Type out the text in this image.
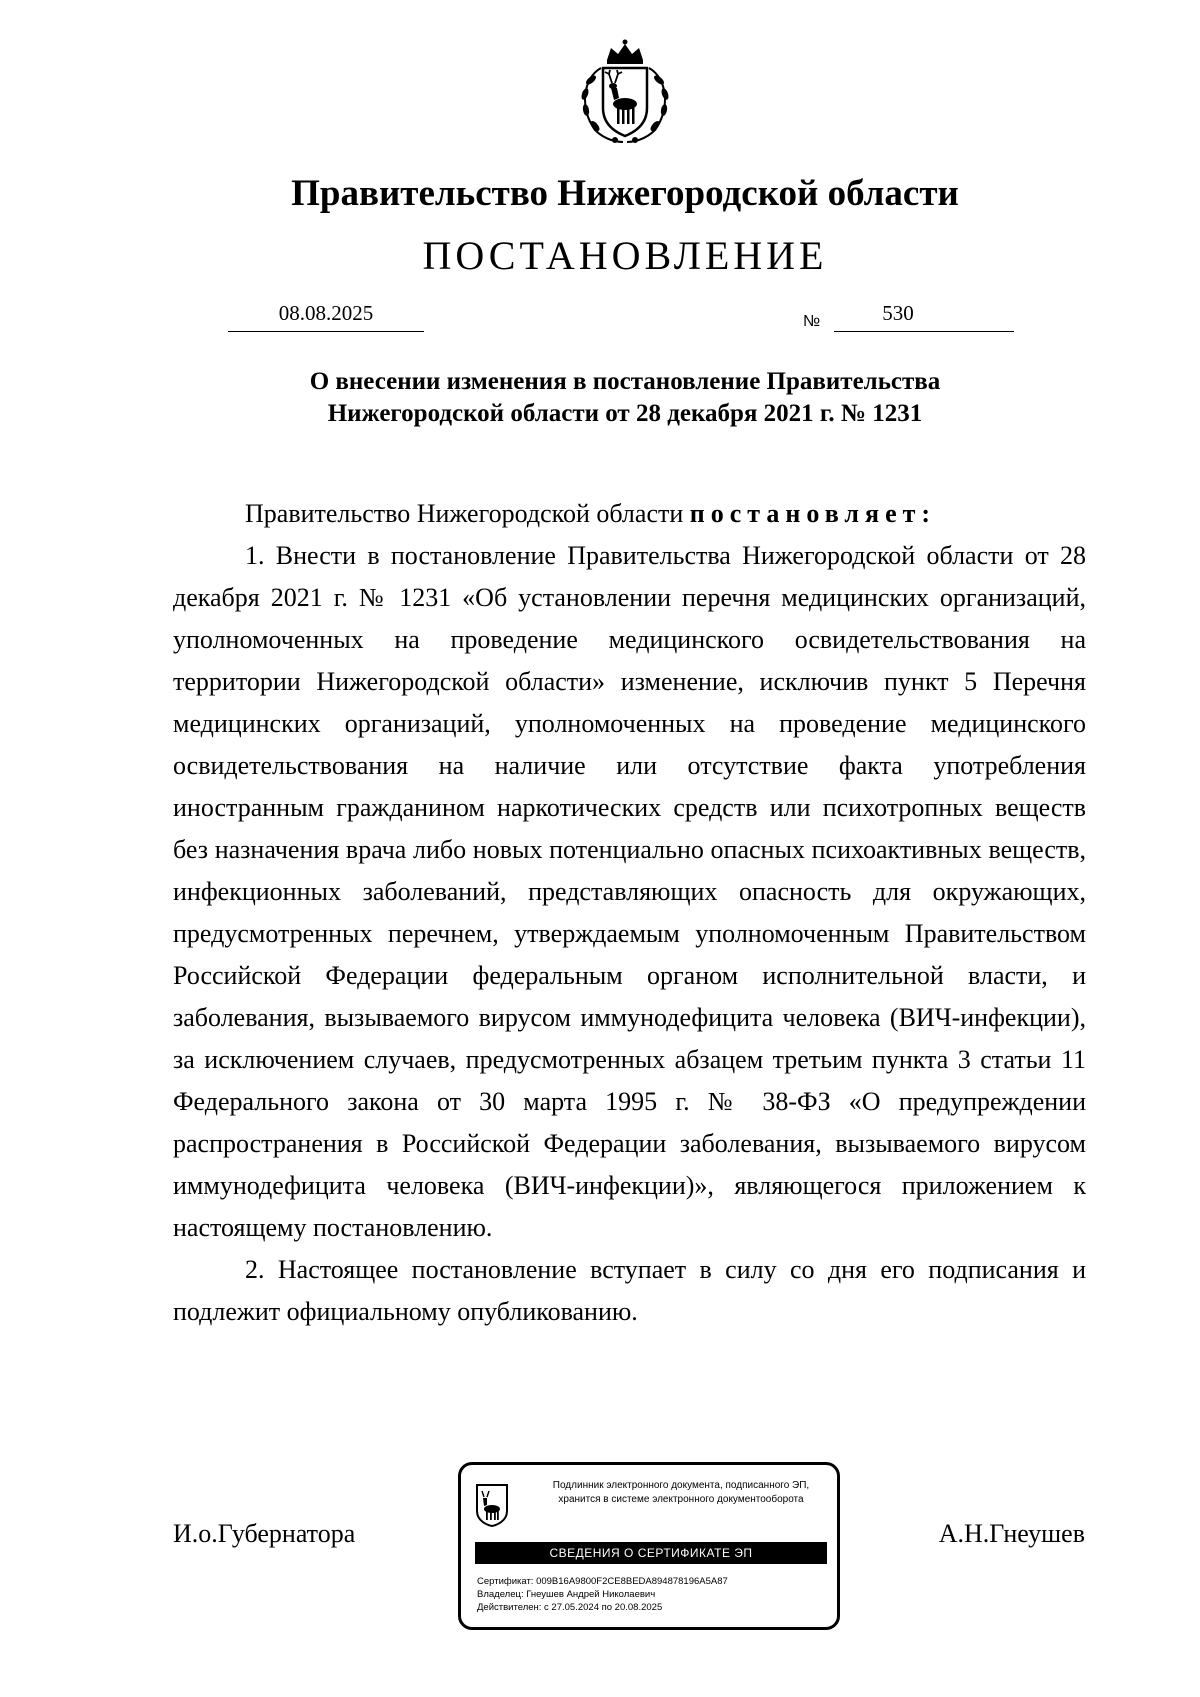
Правительство Нижегородской области
ПОСТАНОВЛЕНИЕ
08.08.2025	№	530
О внесении изменения в постановление Правительства
Нижегородской области от 28 декабря 2021 г. № 1231

Правительство Нижегородской области постановляет:

1. Внести в постановление Правительства Нижегородской области от 28 декабря 2021 г. № 1231 «Об установлении перечня медицинских организаций, уполномоченных на проведение медицинского освидетельствования на территории Нижегородской области» изменение, исключив пункт 5 Перечня медицинских организаций, уполномоченных на проведение медицинского освидетельствования на наличие или отсутствие факта употребления иностранным гражданином наркотических средств или психотропных веществ без назначения врача либо новых потенциально опасных психоактивных веществ, инфекционных заболеваний, представляющих опасность для окружающих, предусмотренных перечнем, утверждаемым уполномоченным Правительством Российской Федерации федеральным органом исполнительной власти, и заболевания, вызываемого вирусом иммунодефицита человека (ВИЧ-инфекции), за исключением случаев, предусмотренных абзацем третьим пункта 3 статьи 11 Федерального закона от 30 марта 1995 г. № 38-ФЗ «О предупреждении распространения в Российской Федерации заболевания, вызываемого вирусом иммунодефицита человека (ВИЧ-инфекции)», являющегося приложением к настоящему постановлению.

2. Настоящее постановление вступает в силу со дня его подписания и подлежит официальному опубликованию.

И.о.Губернатора	А.Н.Гнеушев
Подлинник электронного документа, подписанного ЭП,
хранится в системе электронного документооборота
СВЕДЕНИЯ О СЕРТИФИКАТЕ ЭП
Сертификат: 009B16A9800F2CE8BEDA894878196A5A87
Владелец: Гнеушев Андрей Николаевич
Действителен: с 27.05.2024 по 20.08.2025
